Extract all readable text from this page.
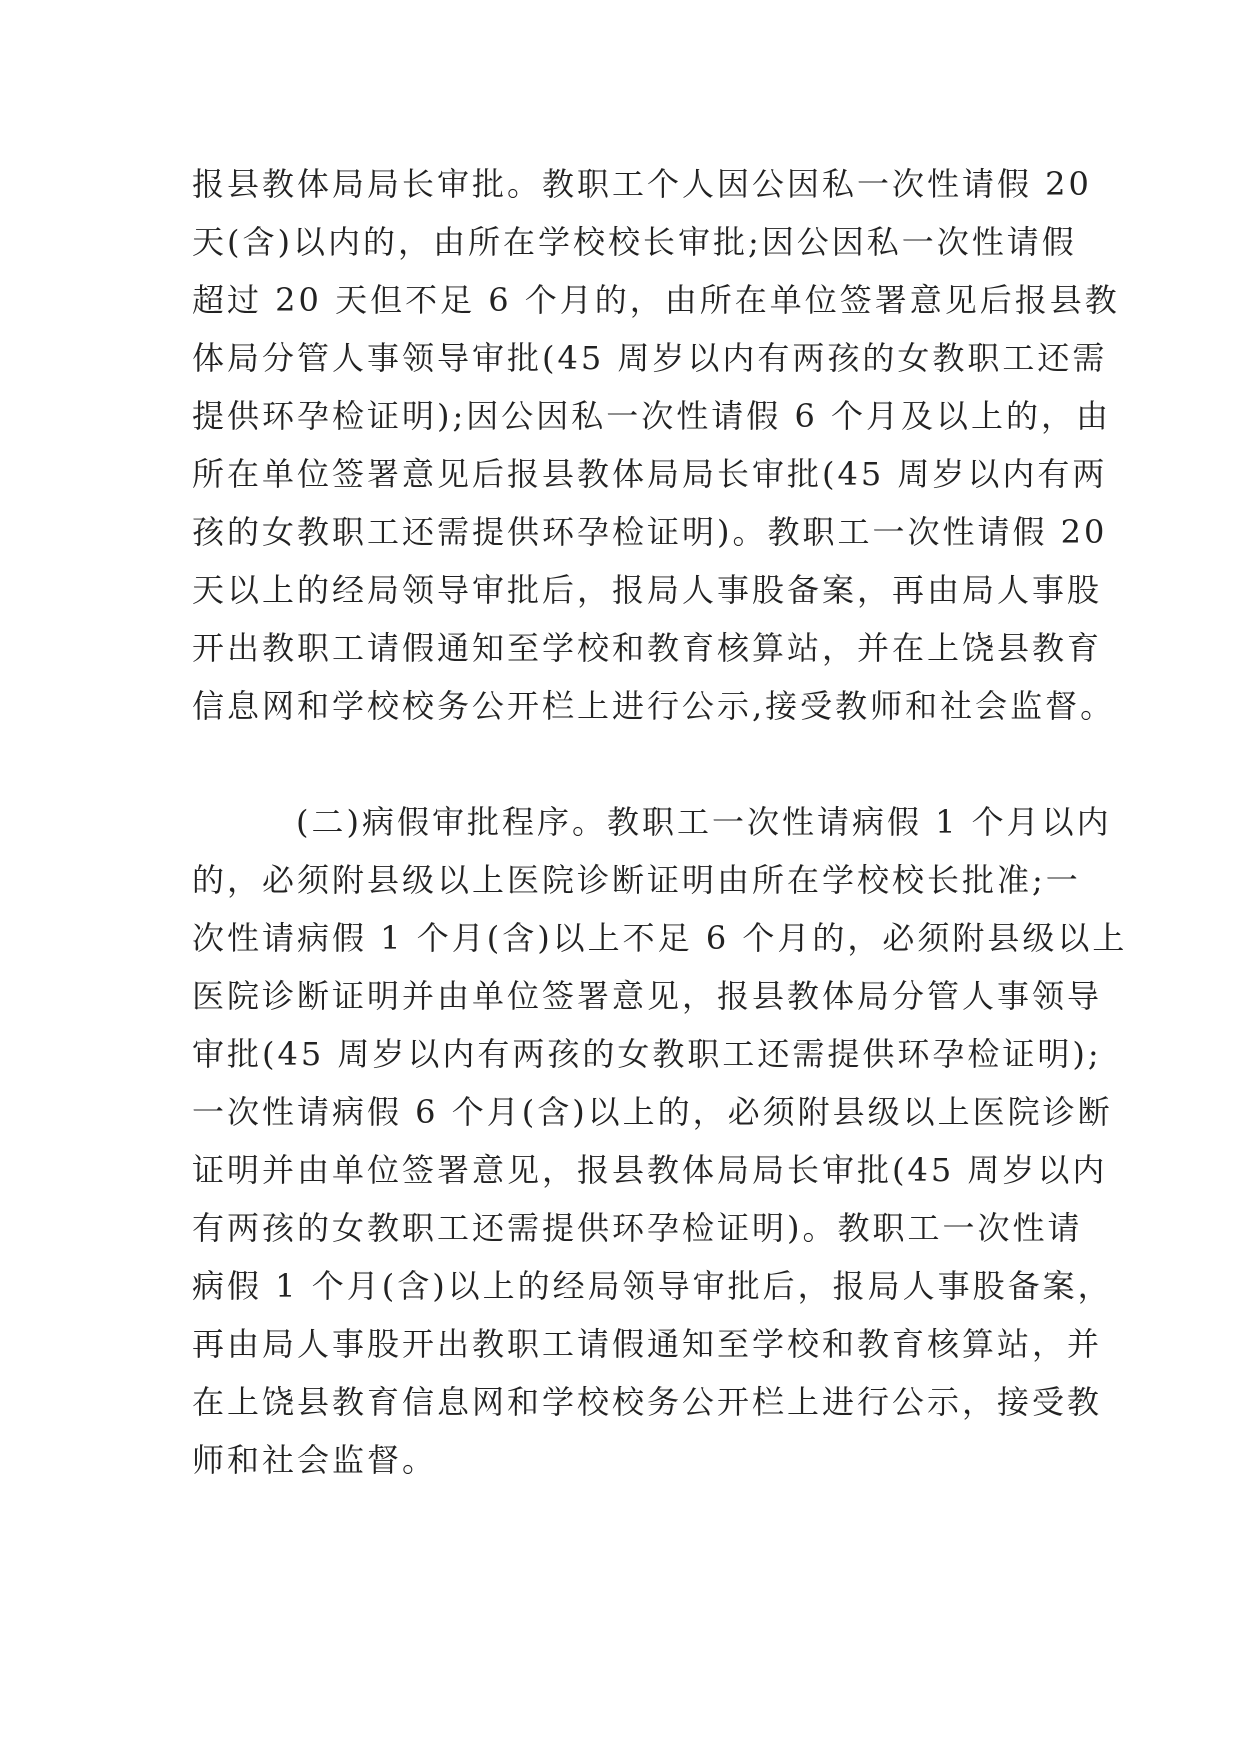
报县教体局局长审批。教职工个人因公因私一次性请假 20
天(含)以内的，由所在学校校长审批;因公因私一次性请假
超过 20 天但不足 6 个月的，由所在单位签署意见后报县教
体局分管人事领导审批(45 周岁以内有两孩的女教职工还需
提供环孕检证明);因公因私一次性请假 6 个月及以上的，由
所在单位签署意见后报县教体局局长审批(45 周岁以内有两
孩的女教职工还需提供环孕检证明)。教职工一次性请假 20
天以上的经局领导审批后，报局人事股备案，再由局人事股
开出教职工请假通知至学校和教育核算站，并在上饶县教育
信息网和学校校务公开栏上进行公示,接受教师和社会监督。
(二)病假审批程序。教职工一次性请病假 1 个月以内
的，必须附县级以上医院诊断证明由所在学校校长批准;一
次性请病假 1 个月(含)以上不足 6 个月的，必须附县级以上
医院诊断证明并由单位签署意见，报县教体局分管人事领导
审批(45 周岁以内有两孩的女教职工还需提供环孕检证明);
一次性请病假 6 个月(含)以上的，必须附县级以上医院诊断
证明并由单位签署意见，报县教体局局长审批(45 周岁以内
有两孩的女教职工还需提供环孕检证明)。教职工一次性请
病假 1 个月(含)以上的经局领导审批后，报局人事股备案，
再由局人事股开出教职工请假通知至学校和教育核算站，并
在上饶县教育信息网和学校校务公开栏上进行公示，接受教
师和社会监督。
